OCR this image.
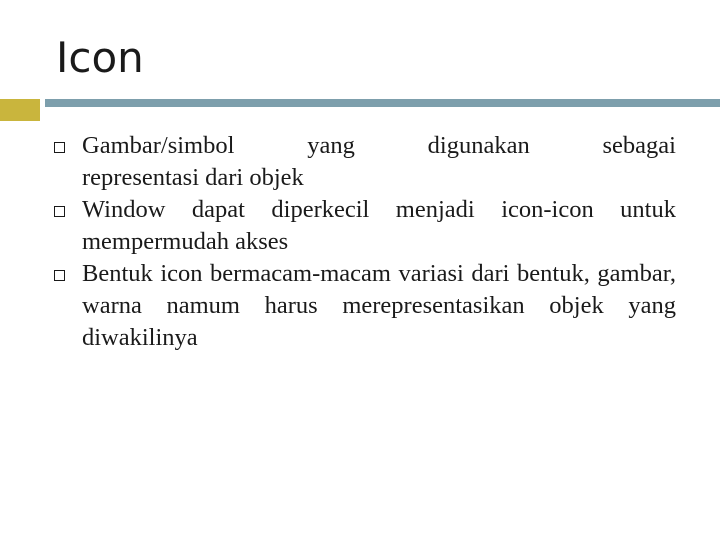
Icon
Gambar/simbol yang digunakan sebagai
representasi dari objek
Window dapat diperkecil menjadi icon-icon untuk mempermudah akses
Bentuk icon bermacam-macam variasi dari bentuk, gambar, warna namum harus merepresentasikan objek yang diwakilinya
